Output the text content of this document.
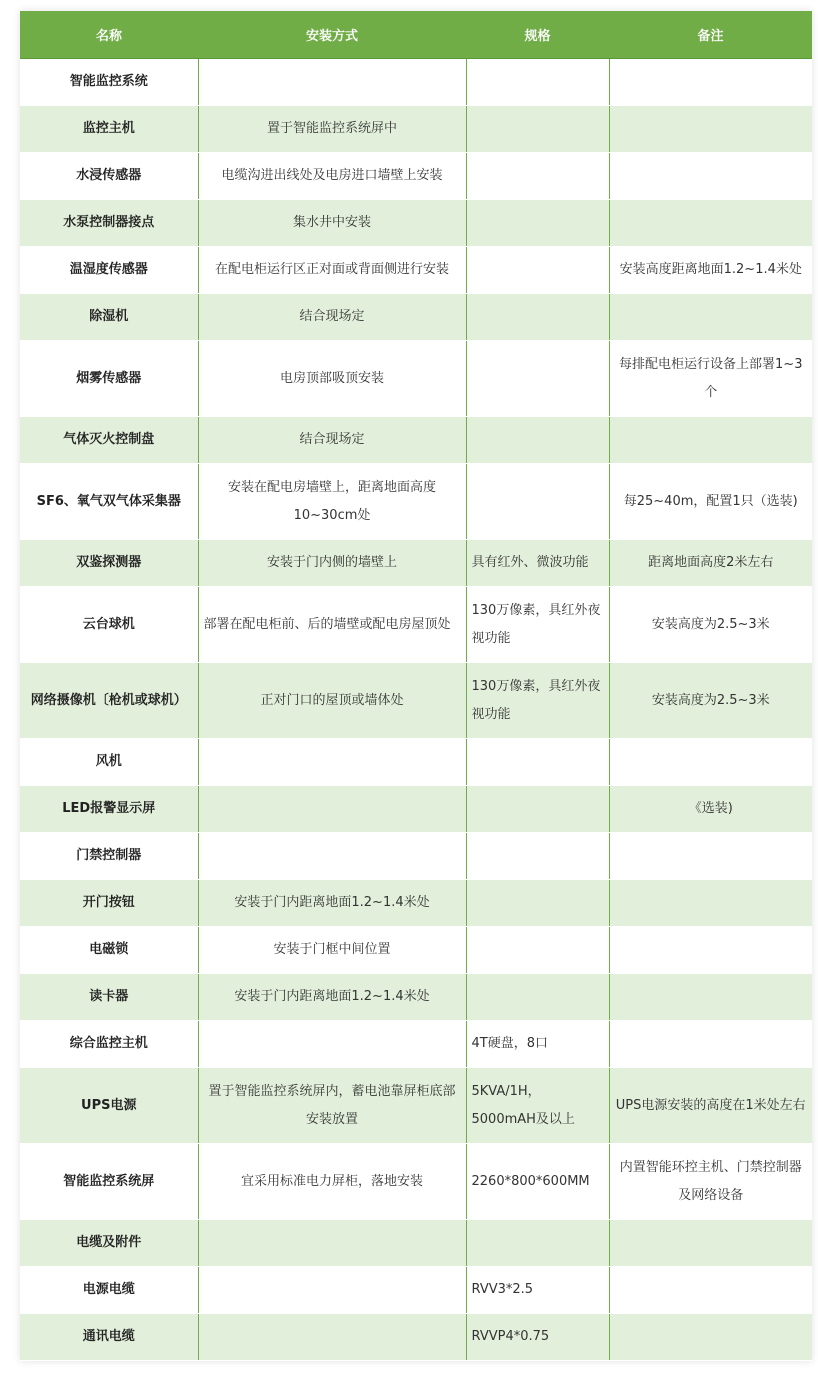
名称	安装方式	规格	备注
智能监控系统			
监控主机	置于智能监控系统屏中		
水浸传感器	电缆沟进出线处及电房进口墙壁上安装		
水泵控制器接点	集水井中安装		
温湿度传感器	在配电柜运行区正对面或背面侧进行安装		安装高度距离地面1.2~1.4米处
除湿机	结合现场定		
烟雾传感器	电房顶部吸顶安装		每排配电柜运行设备上部署1~3个
气体灭火控制盘	结合现场定		
SF6、氧气双气体采集器	安装在配电房墙壁上，距离地面高度10~30cm处		每25~40m，配置1只（选装)
双鉴探测器	安装于门内侧的墙壁上	具有红外、微波功能	距离地面高度2米左右
云台球机	部署在配电柜前、后的墙壁或配电房屋顶处	130万像素，具红外夜视功能	安装高度为2.5~3米
网络摄像机〔枪机或球机）	正对门口的屋顶或墙体处	130万像素，具红外夜视功能	安装高度为2.5~3米
风机			
LED报警显示屏			《选装)
门禁控制器			
开门按钮	安装于门内距离地面1.2~1.4米处		
电磁锁	安装于门框中间位置		
读卡器	安装于门内距离地面1.2~1.4米处		
综合监控主机		4T硬盘，8口	
UPS电源	置于智能监控系统屏内，蓄电池靠屏柜底部安装放置	5KVA/1H，5000mAH及以上	UPS电源安装的高度在1米处左右
智能监控系统屏	宜采用标准电力屏柜，落地安装	2260*800*600MM	内置智能环控主机、门禁控制器及网络设备
电缆及附件			
电源电缆		RVV3*2.5	
通讯电缆		RVVP4*0.75	
